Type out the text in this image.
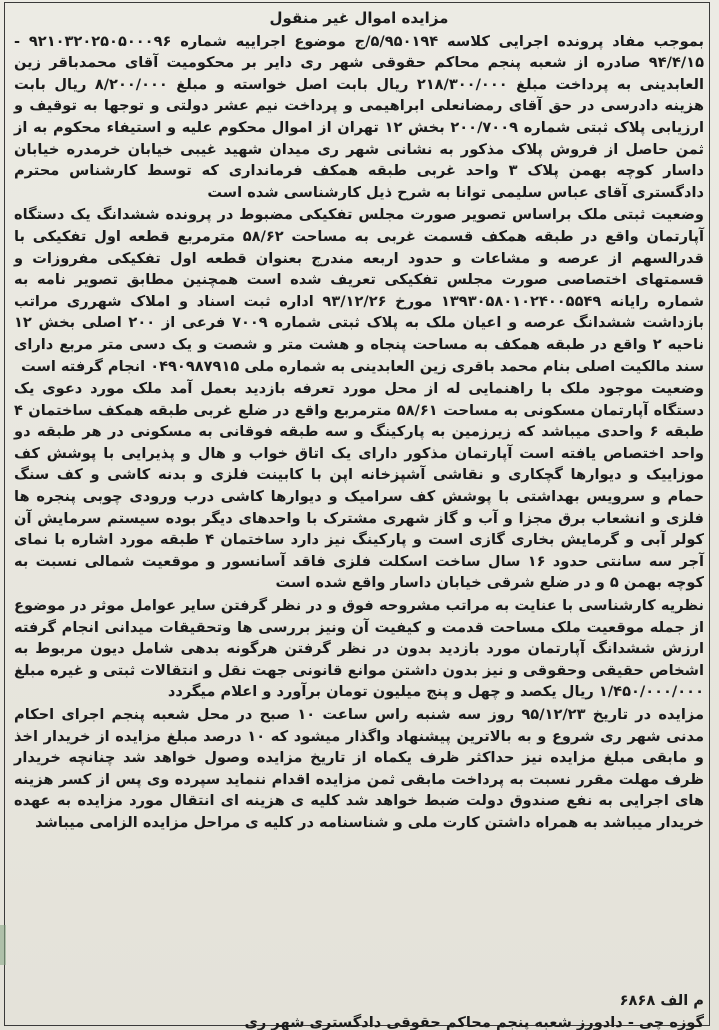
مزایده اموال غیر منقول

بموجب مفاد پرونده اجرایی کلاسه ۵/۹۵۰۱۹۴/ج موضوع اجراییه شماره ۹۲۱۰۳۲۰۲۵۰۵۰۰۰۹۶ - ۹۴/۴/۱۵ صادره از شعبه پنجم محاکم حقوقی شهر ری دایر بر محکومیت آقای محمدباقر زین العابدینی به پرداخت مبلغ ۲۱۸/۳۰۰/۰۰۰ ریال بابت اصل خواسته و مبلغ ۸/۲۰۰/۰۰۰ ریال بابت هزینه دادرسی در حق آقای رمضانعلی ابراهیمی و پرداخت نیم عشر دولتی و توجها به توقیف و ارزیابی پلاک ثبتی شماره ۲۰۰/۷۰۰۹ بخش ۱۲ تهران از اموال محکوم علیه و استیفاء محکوم به از ثمن حاصل از فروش پلاک مذکور به نشانی شهر ری میدان شهید غیبی خیابان خرمدره خیابان داسار کوچه بهمن پلاک ۳ واحد غربی طبقه همکف فرمانداری که توسط کارشناس محترم دادگستری آقای عباس سلیمی توانا به شرح ذیل کارشناسی شده است

وضعیت ثبتی ملک براساس تصویر صورت مجلس تفکیکی مضبوط در پرونده ششدانگ یک دستگاه آپارتمان واقع در طبقه همکف قسمت غربی به مساحت ۵۸/۶۲ مترمربع قطعه اول تفکیکی با قدرالسهم از عرصه و مشاعات و حدود اربعه مندرج بعنوان قطعه اول تفکیکی مفروزات و قسمتهای اختصاصی صورت مجلس تفکیکی تعریف شده است همچنین مطابق تصویر نامه به شماره رایانه ۱۳۹۳۰۵۸۰۱۰۲۴۰۰۵۵۴۹ مورخ ۹۳/۱۲/۲۶ اداره ثبت اسناد و املاک شهرری مراتب بازداشت ششدانگ عرصه و اعیان ملک به پلاک ثبتی شماره ۷۰۰۹ فرعی از ۲۰۰ اصلی بخش ۱۲ ناحیه ۲ واقع در طبقه همکف به مساحت پنجاه و هشت متر و شصت و یک دسی متر مربع دارای سند مالکیت اصلی بنام محمد باقری زین العابدینی به شماره ملی ۰۴۹۰۹۸۷۹۱۵ انجام گرفته است

وضعیت موجود ملک با راهنمایی له از محل مورد تعرفه بازدید بعمل آمد ملک مورد دعوی یک دستگاه آپارتمان مسکونی به مساحت ۵۸/۶۱ مترمربع واقع در ضلع غربی طبقه همکف ساختمان ۴ طبقه ۶ واحدی میباشد که زیرزمین به پارکینگ و سه طبقه فوقانی به مسکونی در هر طبقه دو واحد اختصاص یافته است آپارتمان مذکور دارای یک اتاق خواب و هال و پذیرایی با پوشش کف موزاییک و دیوارها گچکاری و نقاشی آشپزخانه اپن با کابینت فلزی و بدنه کاشی و کف سنگ حمام و سرویس بهداشتی با پوشش کف سرامیک و دیوارها کاشی درب ورودی چوبی پنجره ها فلزی و انشعاب برق مجزا و آب و گاز شهری مشترک با واحدهای دیگر بوده سیستم سرمایش آن کولر آبی و گرمایش بخاری گازی است و پارکینگ نیز دارد ساختمان ۴ طبقه مورد اشاره با نمای آجر سه سانتی حدود ۱۶ سال ساخت اسکلت فلزی فاقد آسانسور و موقعیت شمالی نسبت به کوچه بهمن ۵ و در ضلع شرقی خیابان داسار واقع شده است

نظریه کارشناسی با عنایت به مراتب مشروحه فوق و در نظر گرفتن سایر عوامل موثر در موضوع از جمله موقعیت ملک مساحت قدمت و کیفیت آن ونیز بررسی ها وتحقیقات میدانی انجام گرفته ارزش ششدانگ آپارتمان مورد بازدید بدون در نظر گرفتن هرگونه بدهی شامل دیون مربوط به اشخاص حقیقی وحقوقی و نیز بدون داشتن موانع قانونی جهت نقل و انتقالات ثبتی و غیره مبلغ ۱/۴۵۰/۰۰۰/۰۰۰ ریال یکصد و چهل و پنج میلیون تومان برآورد و اعلام میگردد

مزایده در تاریخ ۹۵/۱۲/۲۳ روز سه شنبه راس ساعت ۱۰ صبح در محل شعبه پنجم اجرای احکام مدنی شهر ری شروع و به بالاترین پیشنهاد واگذار میشود که ۱۰ درصد مبلغ مزایده از خریدار اخذ و مابقی مبلغ مزایده نیز حداکثر ظرف یکماه از تاریخ مزایده وصول خواهد شد چنانچه خریدار ظرف مهلت مقرر نسبت به پرداخت مابقی ثمن مزایده اقدام ننماید سپرده وی پس از کسر هزینه های اجرایی به نفع صندوق دولت ضبط خواهد شد کلیه ی هزینه ای انتقال مورد مزایده به عهده خریدار میباشد به همراه داشتن کارت ملی و شناسنامه در کلیه ی مراحل مزایده الزامی میباشد

م الف ۶۸۶۸
گوزه چی - دادورز شعبه پنجم محاکم حقوقی دادگستری شهر ری
